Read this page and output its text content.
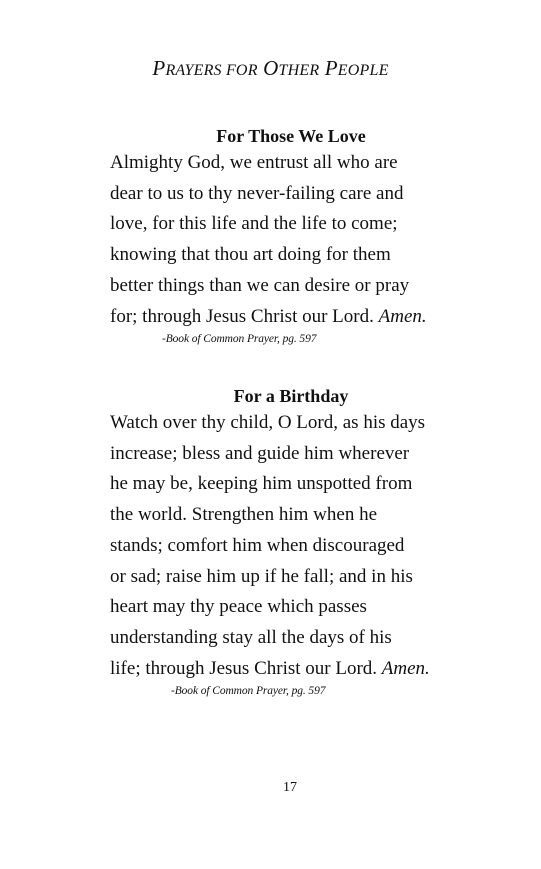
PRAYERS FOR OTHER PEOPLE
For Those We Love

Almighty God, we entrust all who are
dear to us to thy never-failing care and
love, for this life and the life to come;
knowing that thou art doing for them
better things than we can desire or pray
for; through Jesus Christ our Lord. Amen.

-Book of Common Prayer, pg. 597
For a Birthday

Watch over thy child, O Lord, as his days
increase; bless and guide him wherever
he may be, keeping him unspotted from
the world. Strengthen him when he
stands; comfort him when discouraged
or sad; raise him up if he fall; and in his
heart may thy peace which passes
understanding stay all the days of his
life; through Jesus Christ our Lord. Amen.

-Book of Common Prayer, pg. 597
17
